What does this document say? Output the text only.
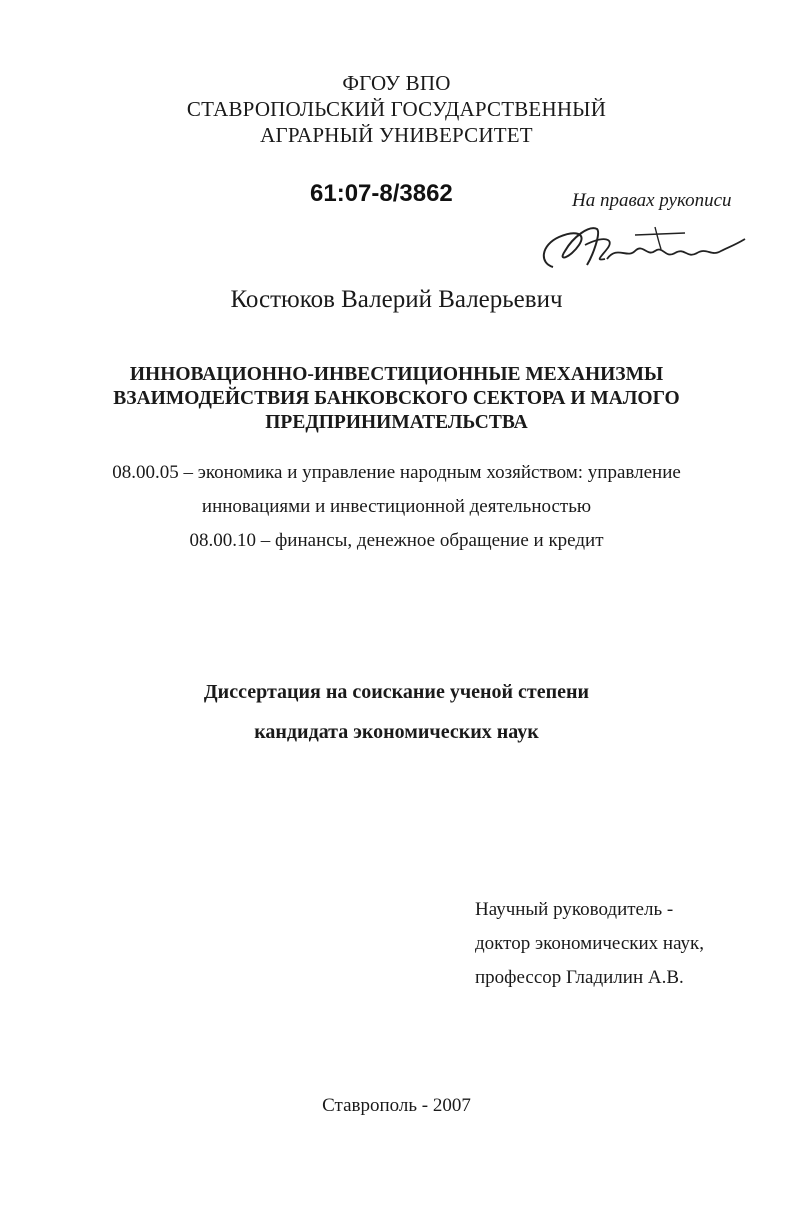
ФГОУ ВПО
СТАВРОПОЛЬСКИЙ ГОСУДАРСТВЕННЫЙ
АГРАРНЫЙ УНИВЕРСИТЕТ
61:07-8/3862	На правах рукописи
Костюков Валерий Валерьевич
ИННОВАЦИОННО-ИНВЕСТИЦИОННЫЕ МЕХАНИЗМЫ
ВЗАИМОДЕЙСТВИЯ БАНКОВСКОГО СЕКТОРА И МАЛОГО
ПРЕДПРИНИМАТЕЛЬСТВА
08.00.05 – экономика и управление народным хозяйством: управление
инновациями и инвестиционной деятельностью
08.00.10 – финансы, денежное обращение и кредит
Диссертация на соискание ученой степени
кандидата экономических наук
Научный руководитель -
доктор экономических наук,
профессор Гладилин А.В.
Ставрополь - 2007
